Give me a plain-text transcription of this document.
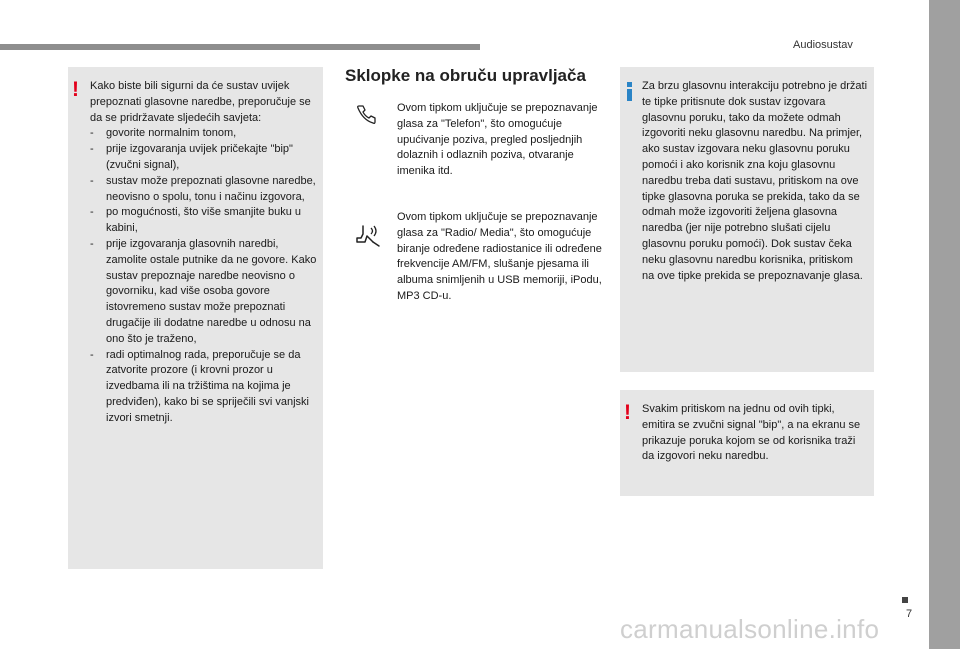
Audiosustav
! Kako biste bili sigurni da će sustav uvijek prepoznati glasovne naredbe, preporučuje se da se pridržavate sljedećih savjeta:
- govorite normalnim tonom,
- prije izgovaranja uvijek pričekajte "bip" (zvučni signal),
- sustav može prepoznati glasovne naredbe, neovisno o spolu, tonu i načinu izgovora,
- po mogućnosti, što više smanjite buku u kabini,
- prije izgovaranja glasovnih naredbi, zamolite ostale putnike da ne govore. Kako sustav prepoznaje naredbe neovisno o govorniku, kad više osoba govore istovremeno sustav može prepoznati drugačije ili dodatne naredbe u odnosu na ono što je traženo,
- radi optimalnog rada, preporučuje se da zatvorite prozore (i krovni prozor u izvedbama ili na tržištima na kojima je predviđen), kako bi se spriječili svi vanjski izvori smetnji.
Sklopke na obruču upravljača
Ovom tipkom uključuje se prepoznavanje glasa za "Telefon", što omogućuje upućivanje poziva, pregled posljednjih dolaznih i odlaznih poziva, otvaranje imenika itd.
Ovom tipkom uključuje se prepoznavanje glasa za "Radio/ Media", što omogućuje biranje određene radiostanice ili određene frekvencije AM/FM, slušanje pjesama ili albuma snimljenih u USB memoriji, iPodu, MP3 CD-u.
Za brzu glasovnu interakciju potrebno je držati te tipke pritisnute dok sustav izgovara glasovnu poruku, tako da možete odmah izgovoriti neku glasovnu naredbu. Na primjer, ako sustav izgovara neku glasovnu poruku pomoći i ako korisnik zna koju glasovnu naredbu treba dati sustavu, pritiskom na ove tipke glasovna poruka se prekida, tako da se odmah može izgovoriti željena glasovna naredba (jer nije potrebno slušati cijelu glasovnu poruku pomoći). Dok sustav čeka neku glasovnu naredbu korisnika, pritiskom na ove tipke prekida se prepoznavanje glasa.
! Svakim pritiskom na jednu od ovih tipki, emitira se zvučni signal "bip", a na ekranu se prikazuje poruka kojom se od korisnika traži da izgovori neku naredbu.
7
carmanualsonline.info
